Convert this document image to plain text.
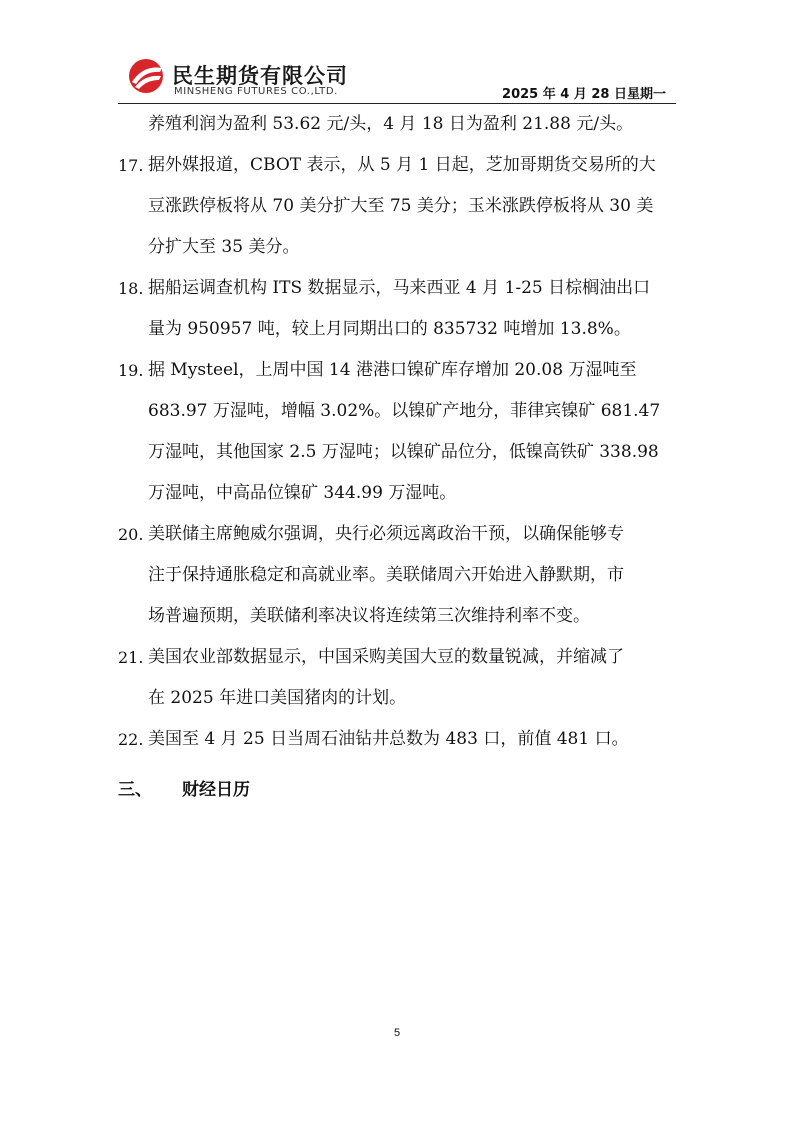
民生期货有限公司
MINSHENG FUTURES CO.,LTD.	2025 年 4 月 28 日星期一
养殖利润为盈利 53.62 元/头，4 月 18 日为盈利 21.88 元/头。
17. 据外媒报道，CBOT 表示，从 5 月 1 日起，芝加哥期货交易所的大
豆涨跌停板将从 70 美分扩大至 75 美分；玉米涨跌停板将从 30 美
分扩大至 35 美分。
18. 据船运调查机构 ITS 数据显示，马来西亚 4 月 1-25 日棕榈油出口
量为 950957 吨，较上月同期出口的 835732 吨增加 13.8%。
19. 据 Mysteel，上周中国 14 港港口镍矿库存增加 20.08 万湿吨至
683.97 万湿吨，增幅 3.02%。以镍矿产地分，菲律宾镍矿 681.47
万湿吨，其他国家 2.5 万湿吨；以镍矿品位分，低镍高铁矿 338.98
万湿吨，中高品位镍矿 344.99 万湿吨。
20. 美联储主席鲍威尔强调，央行必须远离政治干预，以确保能够专
注于保持通胀稳定和高就业率。美联储周六开始进入静默期，市
场普遍预期，美联储利率决议将连续第三次维持利率不变。
21. 美国农业部数据显示，中国采购美国大豆的数量锐减，并缩减了
在 2025 年进口美国猪肉的计划。
22. 美国至 4 月 25 日当周石油钻井总数为 483 口，前值 481 口。
三、 财经日历
5
